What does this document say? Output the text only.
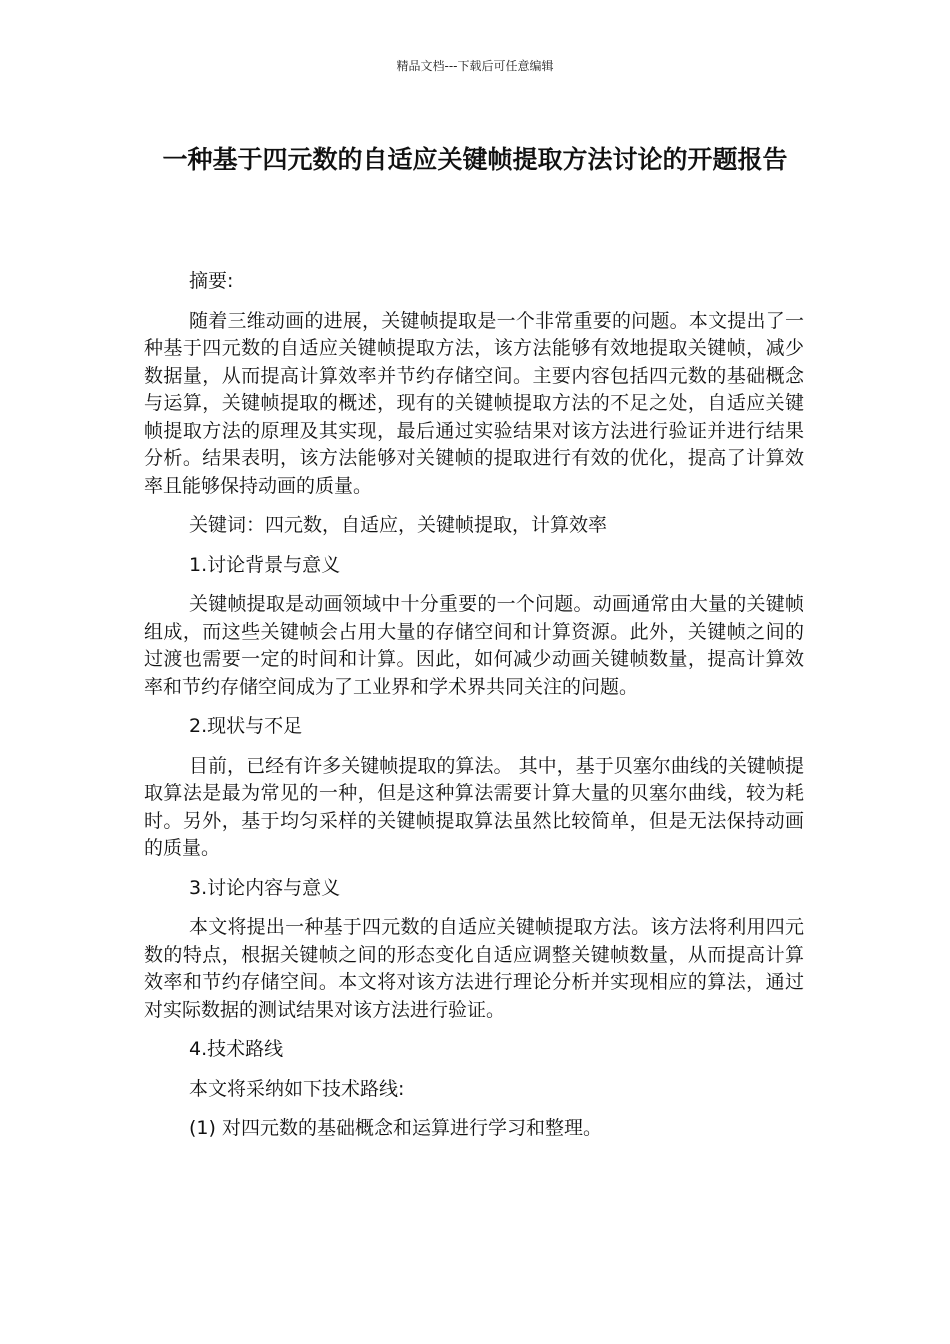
精品文档---下载后可任意编辑
一种基于四元数的自适应关键帧提取方法讨论的开题报告

摘要:

随着三维动画的进展，关键帧提取是一个非常重要的问题。本文提出了一种基于四元数的自适应关键帧提取方法，该方法能够有效地提取关键帧，减少数据量，从而提高计算效率并节约存储空间。主要内容包括四元数的基础概念与运算，关键帧提取的概述，现有的关键帧提取方法的不足之处，自适应关键帧提取方法的原理及其实现，最后通过实验结果对该方法进行验证并进行结果分析。结果表明，该方法能够对关键帧的提取进行有效的优化，提高了计算效率且能够保持动画的质量。

关键词：四元数，自适应，关键帧提取，计算效率

1.讨论背景与意义

关键帧提取是动画领域中十分重要的一个问题。动画通常由大量的关键帧组成，而这些关键帧会占用大量的存储空间和计算资源。此外，关键帧之间的过渡也需要一定的时间和计算。因此，如何减少动画关键帧数量，提高计算效率和节约存储空间成为了工业界和学术界共同关注的问题。

2.现状与不足

目前，已经有许多关键帧提取的算法。 其中，基于贝塞尔曲线的关键帧提取算法是最为常见的一种，但是这种算法需要计算大量的贝塞尔曲线，较为耗时。另外，基于均匀采样的关键帧提取算法虽然比较简单，但是无法保持动画的质量。

3.讨论内容与意义

本文将提出一种基于四元数的自适应关键帧提取方法。该方法将利用四元数的特点，根据关键帧之间的形态变化自适应调整关键帧数量，从而提高计算效率和节约存储空间。本文将对该方法进行理论分析并实现相应的算法，通过对实际数据的测试结果对该方法进行验证。

4.技术路线

本文将采纳如下技术路线:

(1) 对四元数的基础概念和运算进行学习和整理。
